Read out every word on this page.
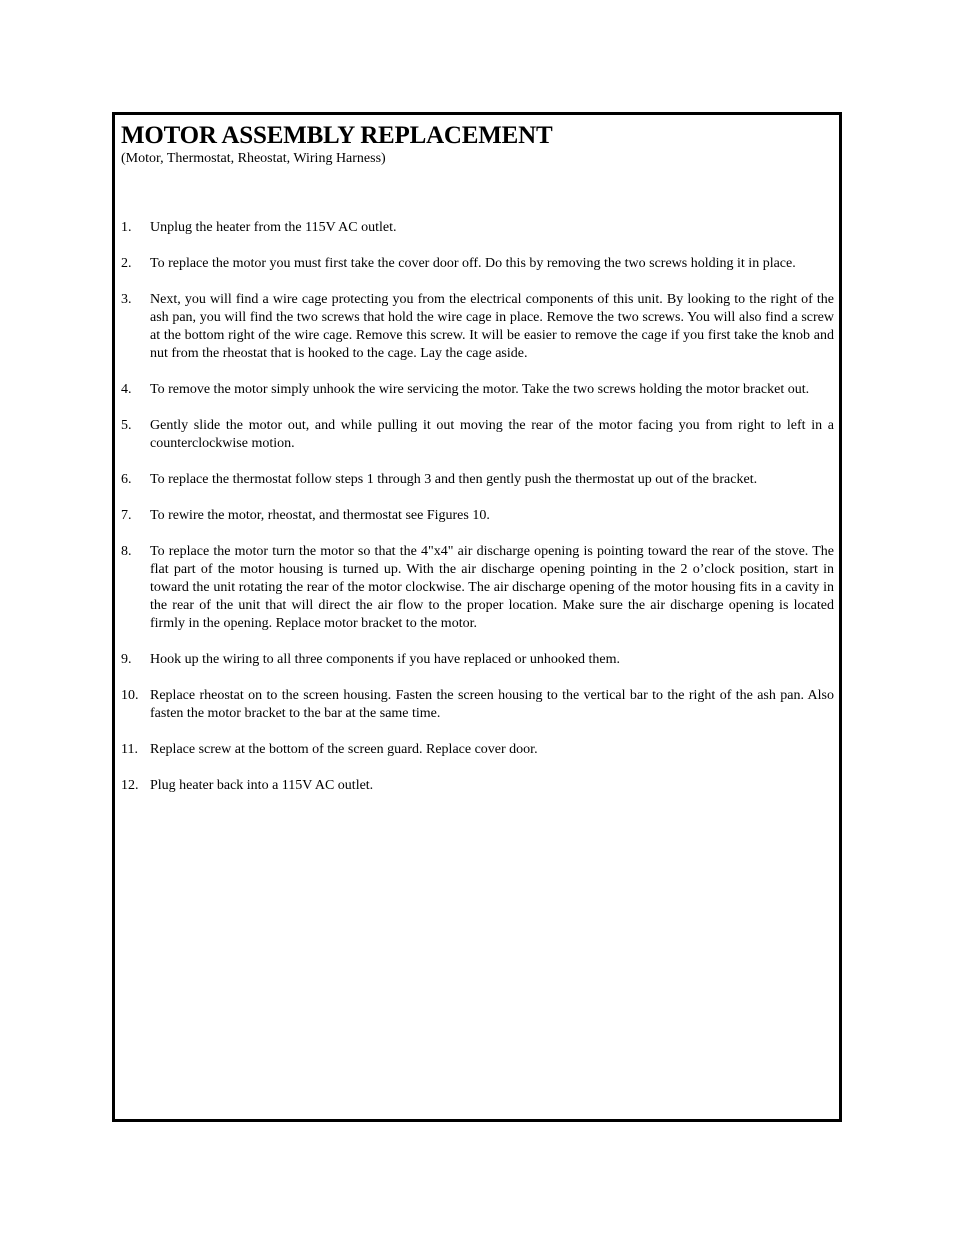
MOTOR ASSEMBLY REPLACEMENT
(Motor, Thermostat, Rheostat, Wiring Harness)
1. Unplug the heater from the 115V AC outlet.
2. To replace the motor you must first take the cover door off. Do this by removing the two screws holding it in place.
3. Next, you will find a wire cage protecting you from the electrical components of this unit. By looking to the right of the ash pan, you will find the two screws that hold the wire cage in place. Remove the two screws. You will also find a screw at the bottom right of the wire cage. Remove this screw. It will be easier to remove the cage if you first take the knob and nut from the rheostat that is hooked to the cage. Lay the cage aside.
4. To remove the motor simply unhook the wire servicing the motor. Take the two screws holding the motor bracket out.
5. Gently slide the motor out, and while pulling it out moving the rear of the motor facing you from right to left in a counterclockwise motion.
6. To replace the thermostat follow steps 1 through 3 and then gently push the thermostat up out of the bracket.
7. To rewire the motor, rheostat, and thermostat see Figures 10.
8. To replace the motor turn the motor so that the 4"x4" air discharge opening is pointing toward the rear of the stove. The flat part of the motor housing is turned up. With the air discharge opening pointing in the 2 o’clock position, start in toward the unit rotating the rear of the motor clockwise. The air discharge opening of the motor housing fits in a cavity in the rear of the unit that will direct the air flow to the proper location. Make sure the air discharge opening is located firmly in the opening. Replace motor bracket to the motor.
9. Hook up the wiring to all three components if you have replaced or unhooked them.
10. Replace rheostat on to the screen housing. Fasten the screen housing to the vertical bar to the right of the ash pan. Also fasten the motor bracket to the bar at the same time.
11. Replace screw at the bottom of the screen guard. Replace cover door.
12. Plug heater back into a 115V AC outlet.
